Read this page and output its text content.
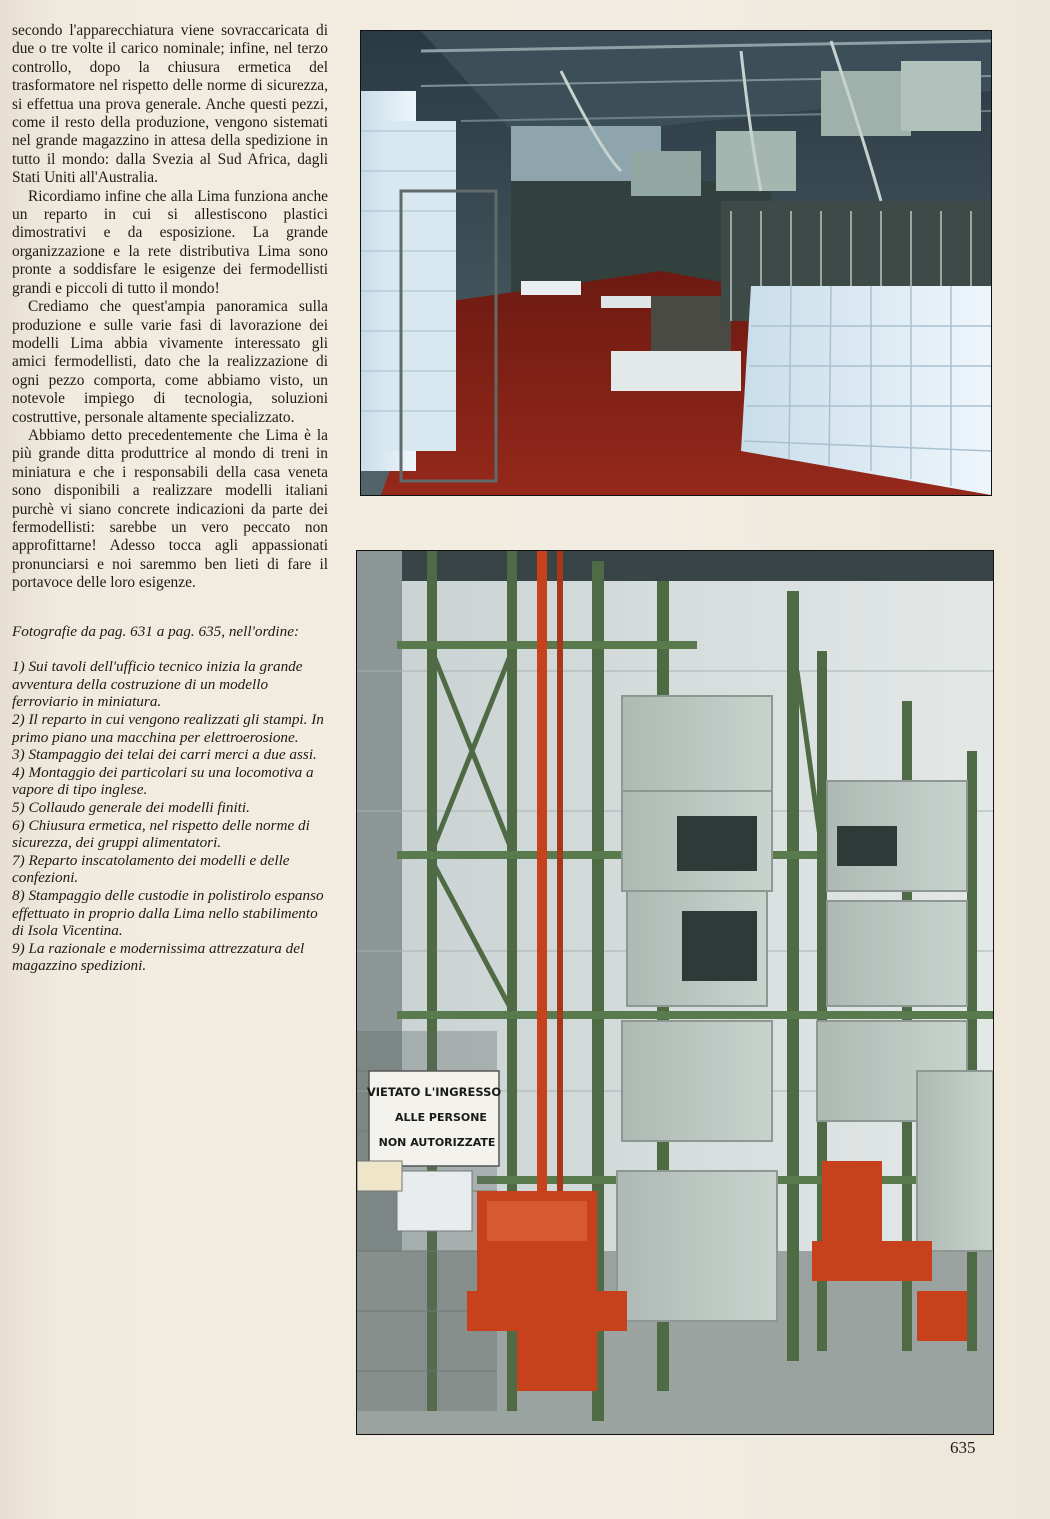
secondo l'apparecchiatura viene sovraccaricata di due o tre volte il carico nominale; infine, nel terzo controllo, dopo la chiusura ermetica del trasformatore nel rispetto delle norme di sicurezza, si effettua una prova generale. Anche questi pezzi, come il resto della produzione, vengono sistemati nel grande magazzino in attesa della spedizione in tutto il mondo: dalla Svezia al Sud Africa, dagli Stati Uniti all'Australia.

Ricordiamo infine che alla Lima funziona anche un reparto in cui si allestiscono plastici dimostrativi e da esposizione. La grande organizzazione e la rete distributiva Lima sono pronte a soddisfare le esigenze dei fermodellisti grandi e piccoli di tutto il mondo!

Crediamo che quest'ampia panoramica sulla produzione e sulle varie fasi di lavorazione dei modelli Lima abbia vivamente interessato gli amici fermodellisti, dato che la realizzazione di ogni pezzo comporta, come abbiamo visto, un notevole impiego di tecnologia, soluzioni costruttive, personale altamente specializzato.

Abbiamo detto precedentemente che Lima è la più grande ditta produttrice al mondo di treni in miniatura e che i responsabili della casa veneta sono disponibili a realizzare modelli italiani purchè vi siano concrete indicazioni da parte dei fermodellisti: sarebbe un vero peccato non approfittarne! Adesso tocca agli appassionati pronunciarsi e noi saremmo ben lieti di fare il portavoce delle loro esigenze.

Fotografie da pag. 631 a pag. 635, nell'ordine:

1) Sui tavoli dell'ufficio tecnico inizia la grande avventura della costruzione di un modello ferroviario in miniatura.

2) Il reparto in cui vengono realizzati gli stampi. In primo piano una macchina per elettroerosione.

3) Stampaggio dei telai dei carri merci a due assi.

4) Montaggio dei particolari su una locomotiva a vapore di tipo inglese.

5) Collaudo generale dei modelli finiti.

6) Chiusura ermetica, nel rispetto delle norme di sicurezza, dei gruppi alimentatori.

7) Reparto inscatolamento dei modelli e delle confezioni.

8) Stampaggio delle custodie in polistirolo espanso effettuato in proprio dalla Lima nello stabilimento di Isola Vicentina.

9) La razionale e modernissima attrezzatura del magazzino spedizioni.

VIETATO L'INGRESSO
ALLE PERSONE
NON AUTORIZZATE
635
